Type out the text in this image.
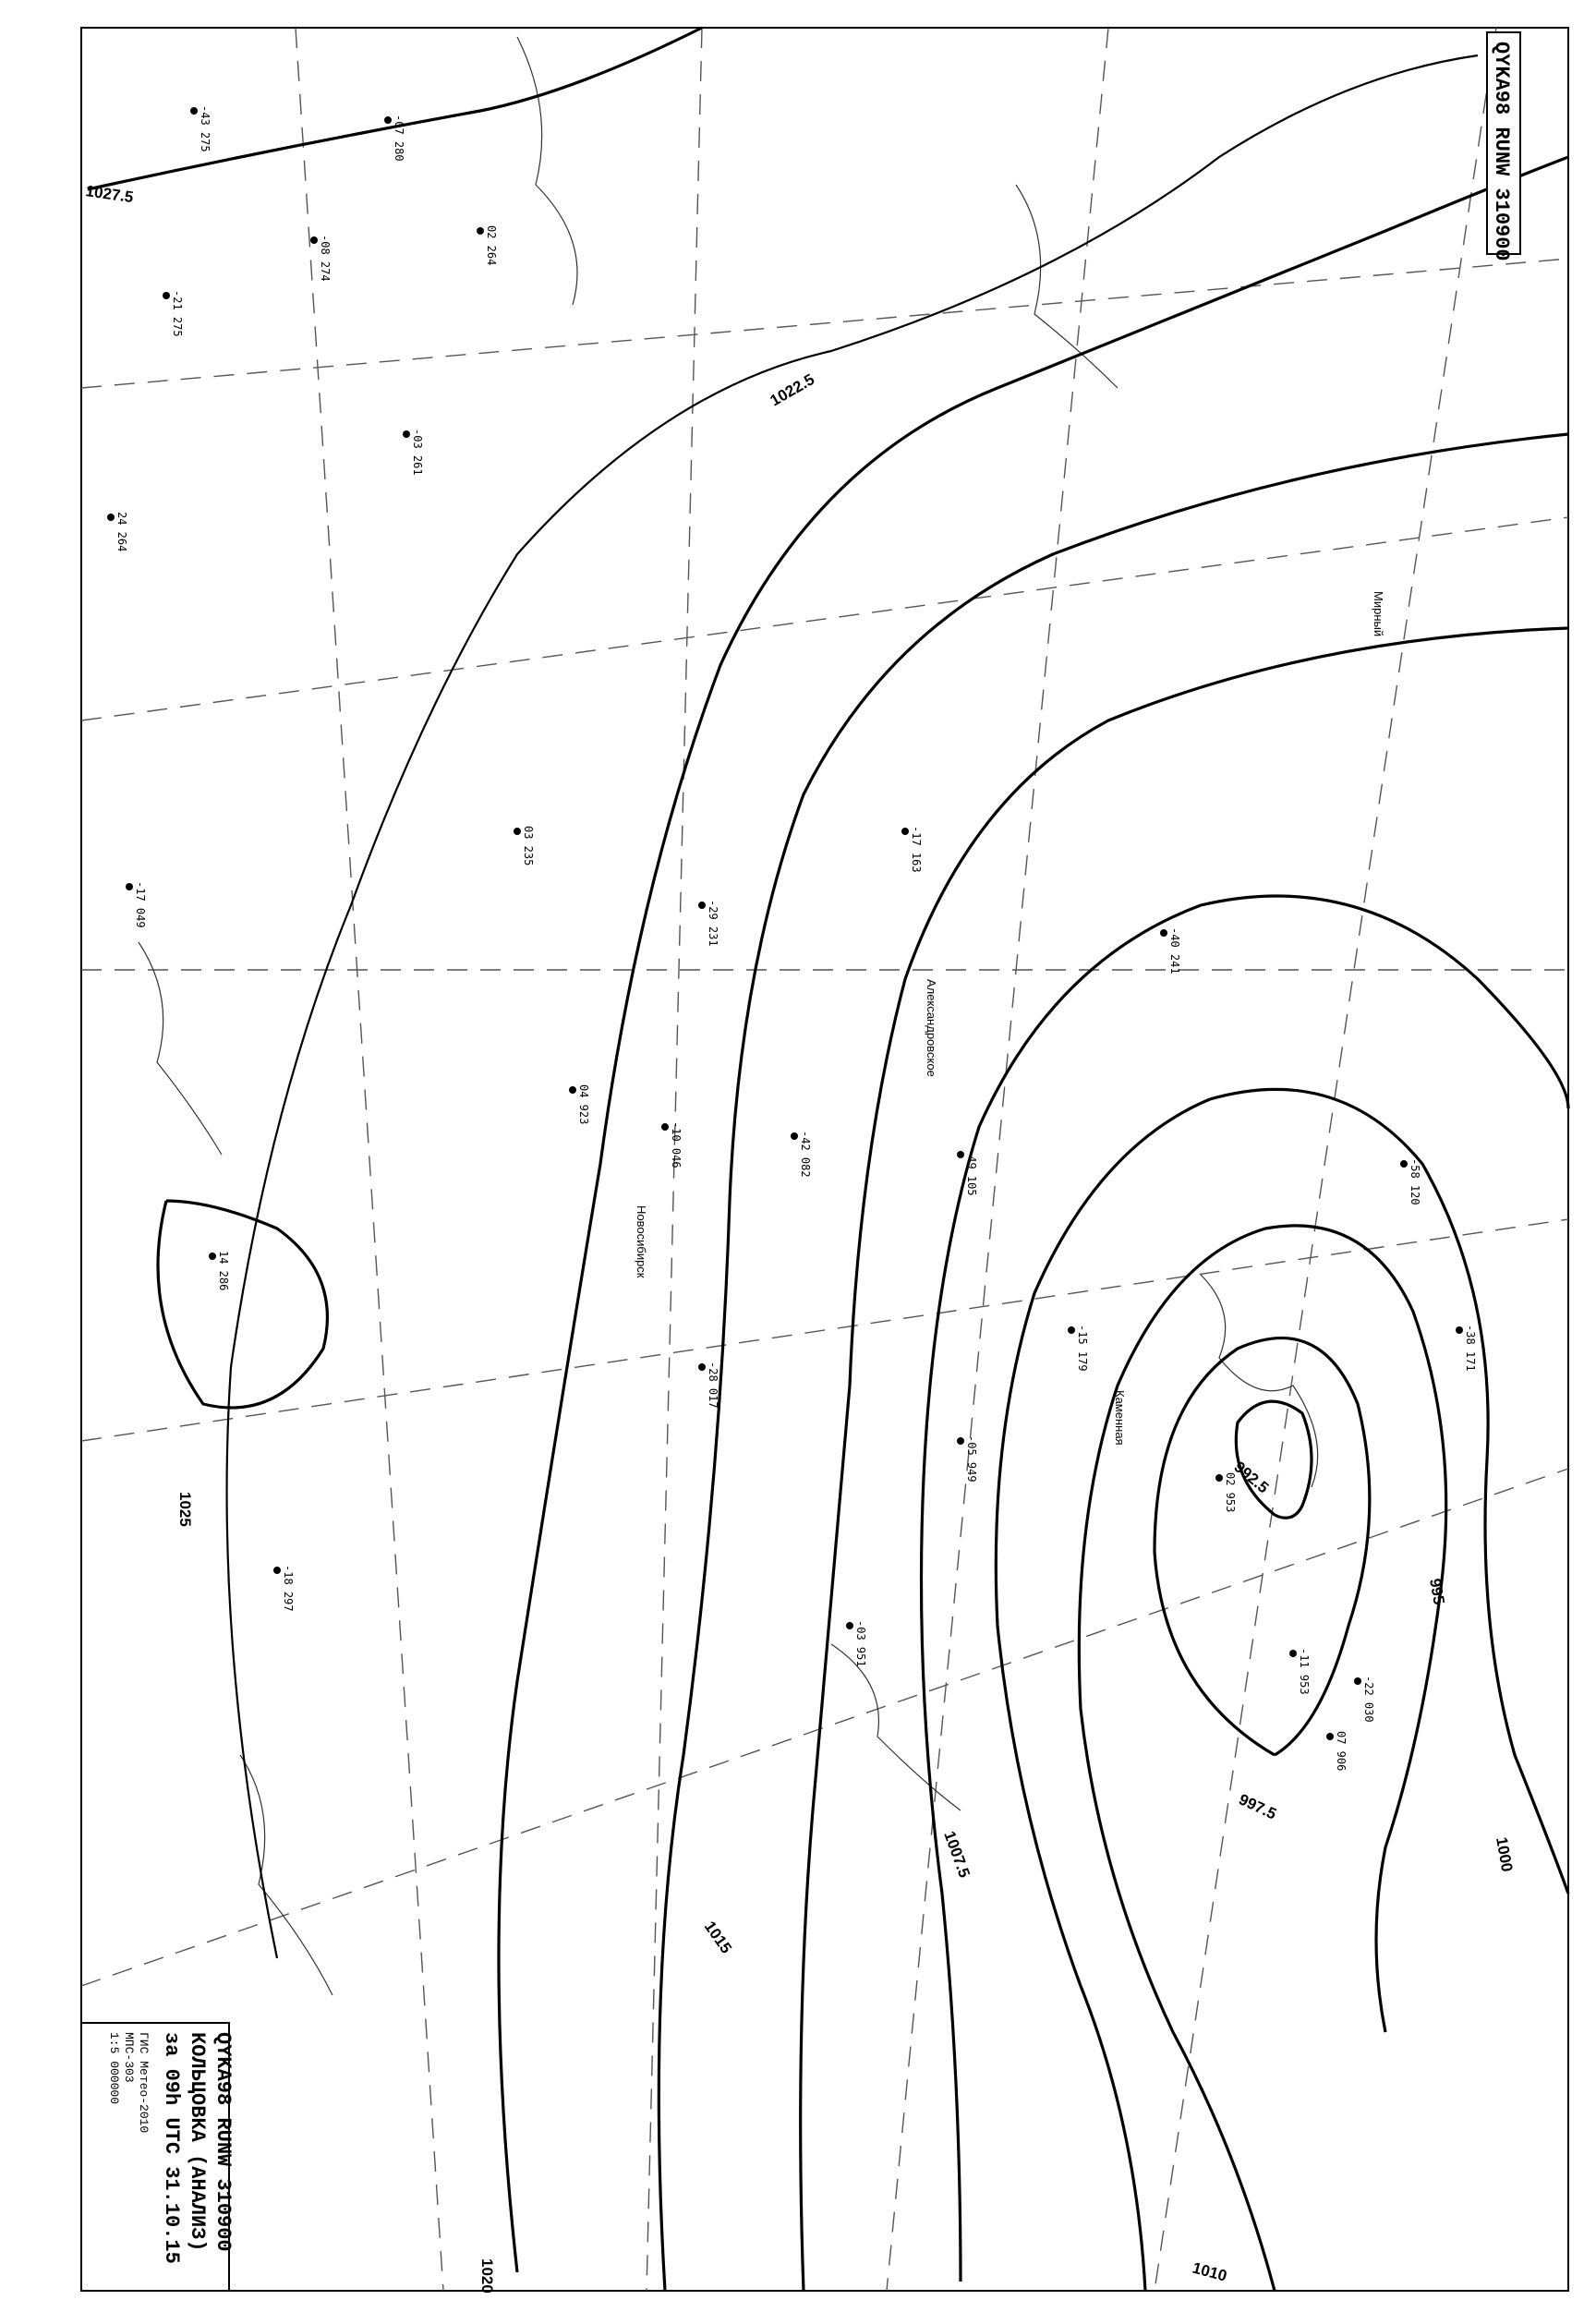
1027.5
1025
1022.5
1020
1015
1010
1007.5	1000
997.5
995
992.5
Новосибирск
Александровское
Каменная
Мирный
-43 275
-08 274
-07 280
-21 275
02 264
24 264
-03 261
03 235
-29 231
-49 105
-42 082
-28 017
-10 046
-15 179
-22 030
07 906
-11 953
02 953
-05 949
04 923
-03 951
-40 241
-17 163
-58 120
-38 171
-17 049
14 286
-18 297
QYKA98 RUNW 310900
QYKA98 RUNW 310900
КОЛЬЦОВКА (АНАЛИЗ)
за 09h UTC 31.10.15
ГИС Метео-2010
МПС-303
1:5 000000
